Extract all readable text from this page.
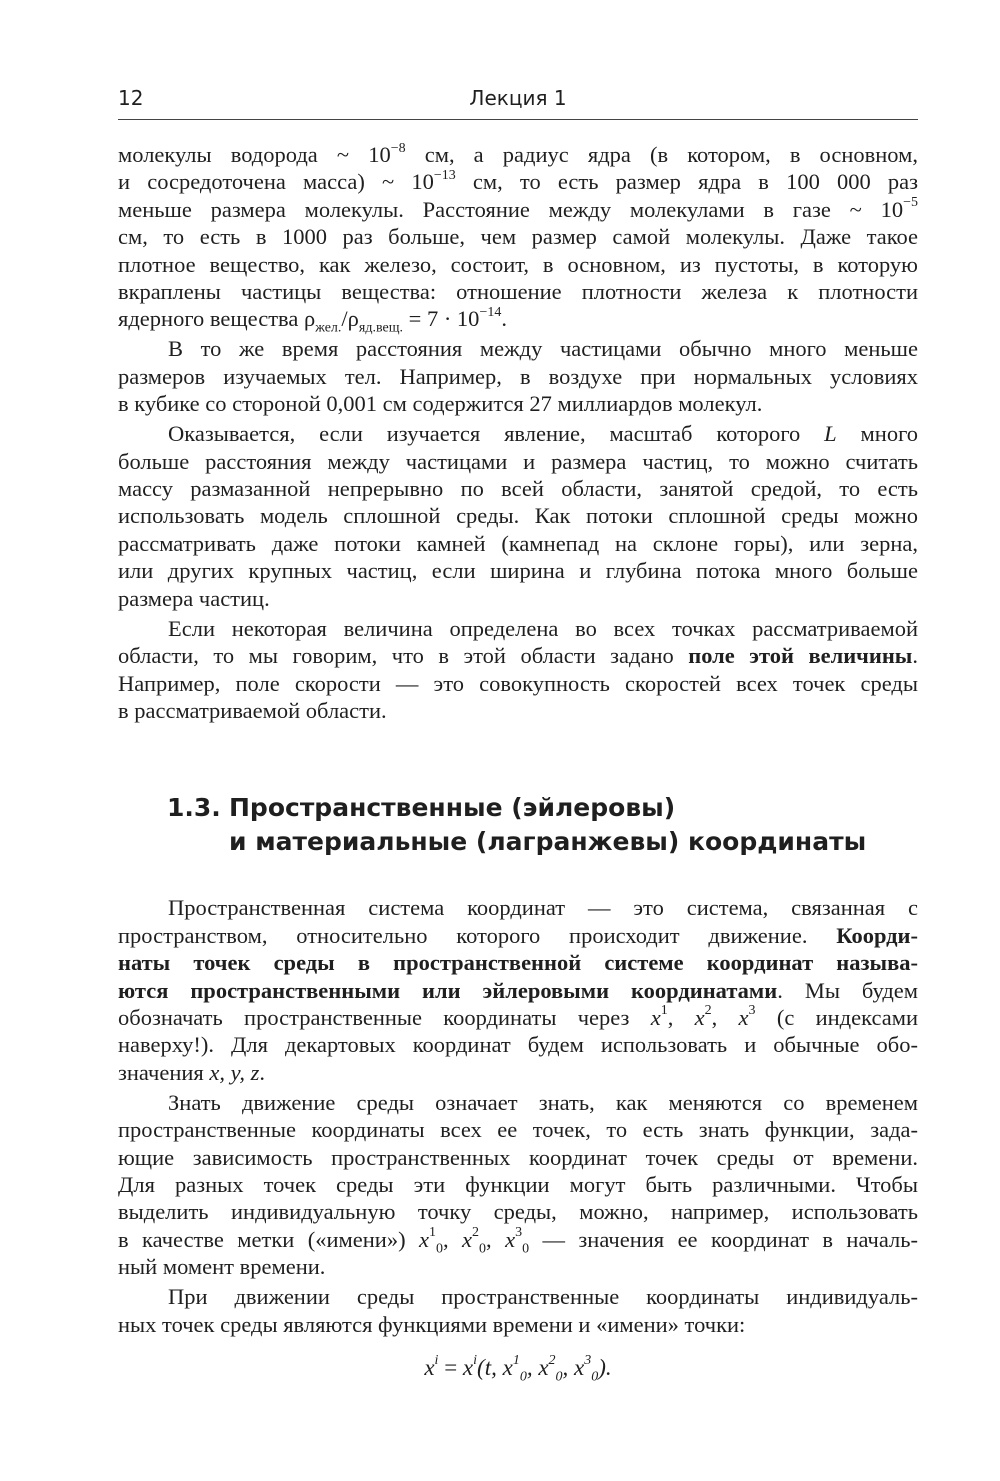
12	Лекция 1
молекулы водорода ~ $10^{-8}$ см, а радиус ядра (в котором, в основном,
и сосредоточена масса) ~ $10^{-13}$ см, то есть размер ядра в 100 000 раз
меньше размера молекулы. Расстояние между молекулами в газе ~ $10^{-5}$
см, то есть в 1000 раз больше, чем размер самой молекулы. Даже такое
плотное вещество, как железо, состоит, в основном, из пустоты, в которую
вкраплены частицы вещества: отношение плотности железа к плотности
ядерного вещества $\rho_{жел.}/\rho_{яд.вещ.} = 7 \cdot 10^{-14}$.
В то же время расстояния между частицами обычно много меньше
размеров изучаемых тел. Например, в воздухе при нормальных условиях
в кубике со стороной 0,001 см содержится 27 миллиардов молекул.
Оказывается, если изучается явление, масштаб которого L много
больше расстояния между частицами и размера частиц, то можно считать
массу размазанной непрерывно по всей области, занятой средой, то есть
использовать модель сплошной среды. Как потоки сплошной среды можно
рассматривать даже потоки камней (камнепад на склоне горы), или зерна,
или других крупных частиц, если ширина и глубина потока много больше
размера частиц.
Если некоторая величина определена во всех точках рассматриваемой
области, то мы говорим, что в этой области задано поле этой величины.
Например, поле скорости — это совокупность скоростей всех точек среды
в рассматриваемой области.
1.3. Пространственные (эйлеровы)
и материальные (лагранжевы) координаты
Пространственная система координат — это система, связанная с
пространством, относительно которого происходит движение. Коорди-
наты точек среды в пространственной системе координат называ-
ются пространственными или эйлеровыми координатами. Мы будем
обозначать пространственные координаты через $x^1$, $x^2$, $x^3$ (с индексами
наверху!). Для декартовых координат будем использовать и обычные обо-
значения x, y, z.
Знать движение среды означает знать, как меняются со временем
пространственные координаты всех ее точек, то есть знать функции, зада-
ющие зависимость пространственных координат точек среды от времени.
Для разных точек среды эти функции могут быть различными. Чтобы
выделить индивидуальную точку среды, можно, например, использовать
в качестве метки («имени») $x^1_0$, $x^2_0$, $x^3_0$ — значения ее координат в началь-
ный момент времени.
При движении среды пространственные координаты индивидуаль-
ных точек среды являются функциями времени и «имени» точки:
$x^i = x^i(t$, $x^1_0$, $x^2_0$, $x^3_0$).
